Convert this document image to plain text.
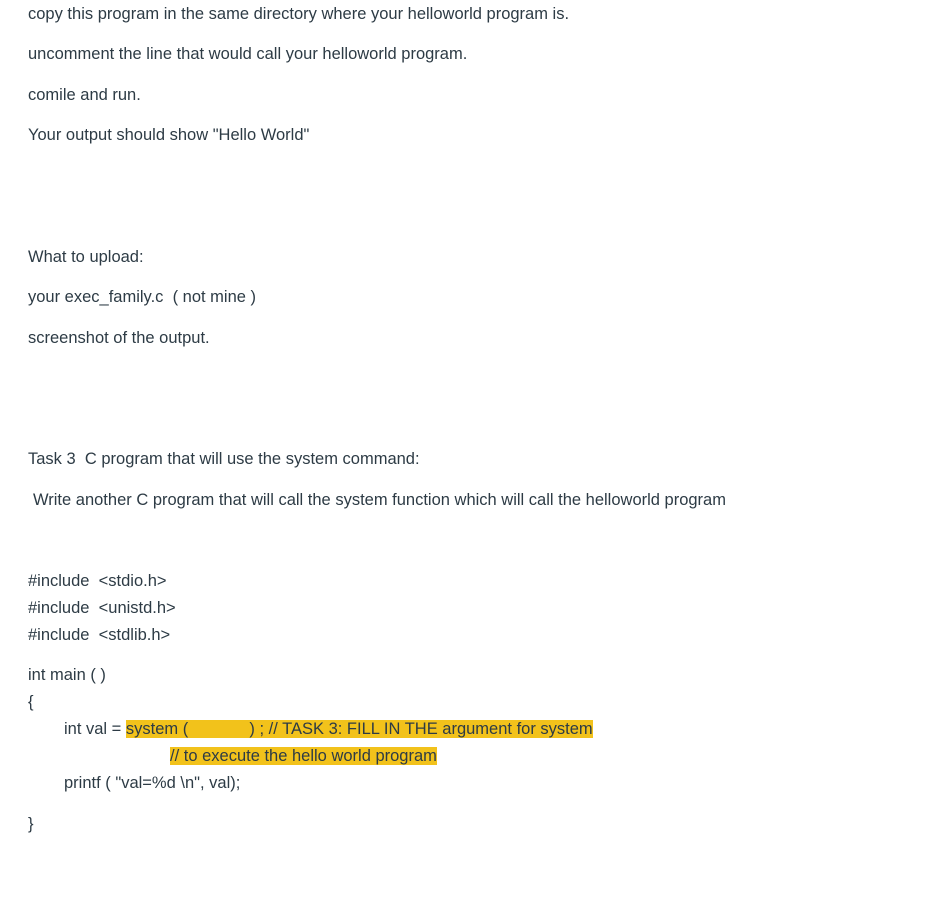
copy this program in the same directory where your helloworld program is.
uncomment the line that would call your helloworld program.
comile and run.
Your output should show "Hello World"
What to upload:
your exec_family.c  ( not mine )
screenshot of the output.
Task 3  C program that will use the system command:
Write another C program that will call the system function which will call the helloworld program
#include  <stdio.h>
#include  <unistd.h>
#include  <stdlib.h>
int main ( )
{
int val = system (	) ; // TASK 3: FILL IN THE argument for system
// to execute the hello world program
printf ( "val=%d \n", val);
}
